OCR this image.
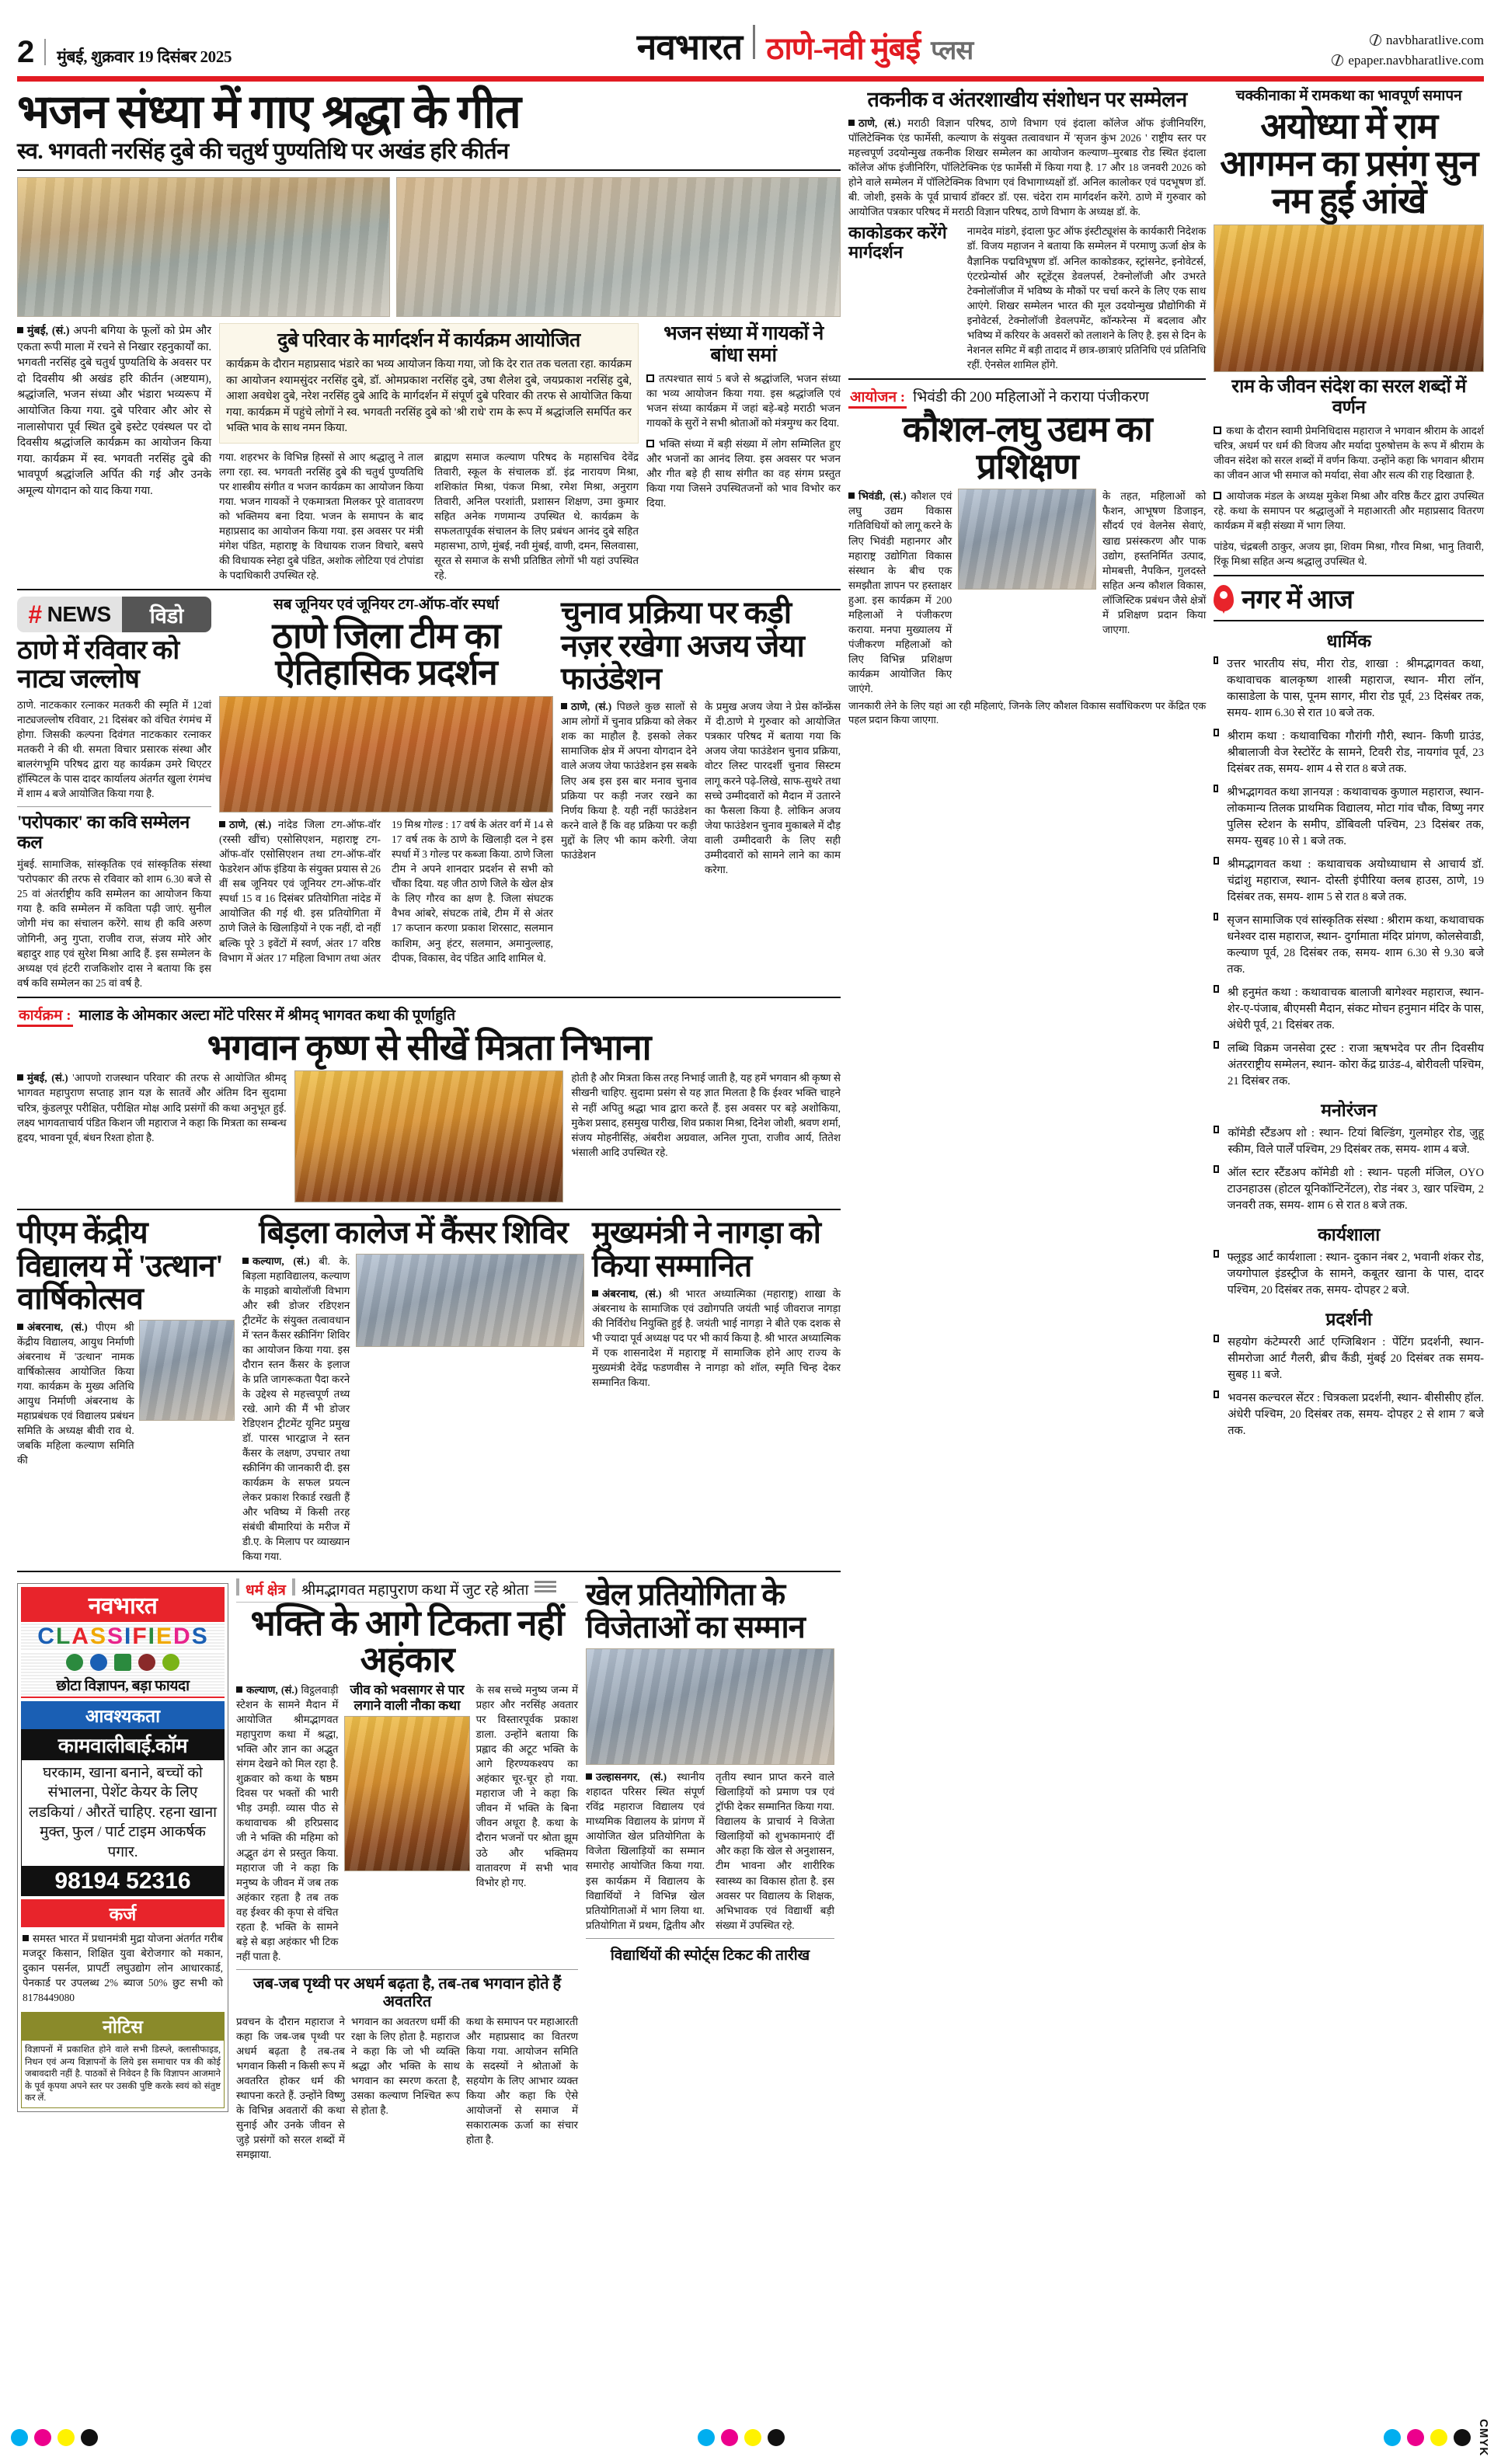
2 मुंबई, शुक्रवार 19 दिसंबर 2025	नवभारत ठाणे-नवी मुंबई प्लस	navbharatlive.com
epaper.navbharatlive.com
भजन संध्या में गाए श्रद्धा के गीत
स्व. भगवती नरसिंह दुबे की चतुर्थ पुण्यतिथि पर अखंड हरि कीर्तन

मुंबई, (सं.) अपनी बगिया के फूलों को प्रेम और एकता रूपी माला में रचने से निखार रहनुकार्यों का. भगवती नरसिंह दुबे चतुर्थ पुण्यतिथि के अवसर पर दो दिवसीय श्री अखंड हरि कीर्तन (अष्टयाम), श्रद्धांजलि, भजन संध्या और भंडारा भव्यरूप में आयोजित किया गया. दुबे परिवार और ओर से नालासोपारा पूर्व स्थित दुबे इस्टेट एवंस्थल पर दो दिवसीय श्रद्धांजलि कार्यक्रम का आयोजन किया गया. कार्यक्रम में स्व. भगवती नरसिंह दुबे की भावपूर्ण श्रद्धांजलि अर्पित की गई और उनके अमूल्य योगदान को याद किया गया.

दुबे परिवार के मार्गदर्शन में कार्यक्रम आयोजित

कार्यक्रम के दौरान महाप्रसाद भंडारे का भव्य आयोजन किया गया, जो कि देर रात तक चलता रहा. कार्यक्रम का आयोजन श्यामसुंदर नरसिंह दुबे, डॉ. ओमप्रकाश नरसिंह दुबे, उषा शैलेश दुबे, जयप्रकाश नरसिंह दुबे, आशा अवधेश दुबे, नरेश नरसिंह दुबे आदि के मार्गदर्शन में संपूर्ण दुबे परिवार की तरफ से आयोजित किया गया. कार्यक्रम में पहुंचे लोगों ने स्व. भगवती नरसिंह दुबे को 'श्री राधे' राम के रूप में श्रद्धांजलि समर्पित कर भक्ति भाव के साथ नमन किया.

गया. शहरभर के विभिन्न हिस्सों से आए श्रद्धालु ने ताल लगा रहा. स्व. भगवती नरसिंह दुबे की चतुर्थ पुण्यतिथि पर शास्त्रीय संगीत व भजन कार्यक्रम का आयोजन किया गया. भजन गायकों ने एकमात्रता मिलकर पूरे वातावरण को भक्तिमय बना दिया. भजन के समापन के बाद महाप्रसाद का आयोजन किया गया. इस अवसर पर मंत्री मंगेश पंडित, महाराष्ट्र के विधायक राजन विचारे, बसपे की विधायक स्नेहा दुबे पंडित, अशोक लोटिया एवं टोपांडा के पदाधिकारी उपस्थित रहे.

ब्राह्मण समाज कल्याण परिषद के महासचिव देवेंद्र तिवारी, स्कूल के संचालक डॉ. इंद्र नारायण मिश्रा, शशिकांत मिश्रा, पंकज मिश्रा, रमेश मिश्रा, अनुराग तिवारी, अनिल परशांती, प्रशासन शिक्षण, उमा कुमार सहित अनेक गणमान्य उपस्थित थे. कार्यक्रम के सफलतापूर्वक संचालन के लिए प्रबंधन आनंद दुबे सहित महासभा, ठाणे, मुंबई, नवी मुंबई, वाणी, दमन, सिलवासा, सूरत से समाज के सभी प्रतिष्ठित लोगों भी यहां उपस्थित रहे.

भजन संध्या में गायकों ने बांधा समां

तत्पश्चात सायं 5 बजे से श्रद्धांजलि, भजन संध्या का भव्य आयोजन किया गया. इस श्रद्धांजलि एवं भजन संध्या कार्यक्रम में जहां बड़े-बड़े मराठी भजन गायकों के सुरों ने सभी श्रोताओं को मंत्रमुग्ध कर दिया.

भक्ति संध्या में बड़ी संख्या में लोग सम्मिलित हुए और भजनों का आनंद लिया. इस अवसर पर भजन और गीत बड़े ही साथ संगीत का वह संगम प्रस्तुत किया गया जिसने उपस्थितजनों को भाव विभोर कर दिया.

# NEWS	विडो
ठाणे में रविवार को नाट्य जल्लोष

ठाणे. नाटककार रत्नाकर मतकरी की स्मृति में 12वां नाट्यजल्लोष रविवार, 21 दिसंबर को वंचित रंगमंच में होगा. जिसकी कल्पना दिवंगत नाटककार रत्नाकर मतकरी ने की थी. समता विचार प्रसारक संस्था और बालरंगभूमि परिषद द्वारा यह कार्यक्रम उमरे थिएटर हॉस्पिटल के पास दादर कार्यालय अंतर्गत खुला रंगमंच में शाम 4 बजे आयोजित किया गया है.

'परोपकार' का कवि सम्मेलन कल

मुंबई. सामाजिक, सांस्कृतिक एवं सांस्कृतिक संस्था 'परोपकार' की तरफ से रविवार को शाम 6.30 बजे से 25 वां अंतर्राष्ट्रीय कवि सम्मेलन का आयोजन किया गया है. कवि सम्मेलन में कविता पढ़ी जाएं. सुनील जोगी मंच का संचालन करेंगे. साथ ही कवि अरुण जोगिनी, अनु गुप्ता, राजीव राज, संजय मोरे ओर बहादुर शाह एवं सुरेश मिश्रा आदि हैं. इस सम्मेलन के अध्यक्ष एवं हंटरी राजकिशोर दास ने बताया कि इस वर्ष कवि सम्मेलन का 25 वां वर्ष है.

सब जूनियर एवं जूनियर टग-ऑफ-वॉर स्पर्धा
ठाणे जिला टीम का ऐतिहासिक प्रदर्शन

ठाणे, (सं.) नांदेड जिला टग-ऑफ-वॉर (रस्सी खींच) एसोसिएशन, महाराष्ट्र टग-ऑफ-वॉर एसोसिएशन तथा टग-ऑफ-वॉर फेडरेशन ऑफ इंडिया के संयुक्त प्रयास से 26 वीं सब जूनियर एवं जूनियर टग-ऑफ-वॉर स्पर्धा 15 व 16 दिसंबर प्रतियोगिता नांदेड में आयोजित की गई थी. इस प्रतियोगिता में ठाणे जिले के खिलाड़ियों ने एक नहीं, दो नहीं बल्कि पूरे 3 इवेंटों में स्वर्ण, अंतर 17 वरिष्ठ विभाग में अंतर 17 महिला विभाग तथा अंतर 19 मिश्र गोल्ड : 17 वर्ष के अंतर वर्ग में 14 से 17 वर्ष तक के ठाणे के खिलाड़ी दल ने इस स्पर्धा में 3 गोल्ड पर कब्जा किया. ठाणे जिला टीम ने अपने शानदार प्रदर्शन से सभी को चौंका दिया. यह जीत ठाणे जिले के खेल क्षेत्र के लिए गौरव का क्षण है. जिला संघटक वैभव आंबरे, संघटक तांबे, टीम में से अंतर 17 कप्तान करणा प्रकाश शिरसाट, सलमान काशिम, अनु हंटर, सलमान, अमानुल्लाह, दीपक, विकास, वेद पंडित आदि शामिल थे.

चुनाव प्रक्रिया पर कड़ी नज़र रखेगा अजय जेया फाउंडेशन

ठाणे, (सं.) पिछले कुछ सालों से आम लोगों में चुनाव प्रक्रिया को लेकर शक का माहौल है. इसको लेकर सामाजिक क्षेत्र में अपना योगदान देने वाले अजय जेया फाउंडेशन इस सबके लिए अब इस इस बार मनाव चुनाव प्रक्रिया पर कड़ी नजर रखने का निर्णय किया है. यही नहीं फाउंडेशन करने वाले हैं कि वह प्रक्रिया पर कड़ी मुद्दों के लिए भी काम करेगी. जेया फाउंडेशन

के प्रमुख अजय जेया ने प्रेस कॉन्फ्रेंस में दी.ठाणे मे गुरुवार को आयोजित पत्रकार परिषद में बताया गया कि अजय जेया फाउंडेशन चुनाव प्रक्रिया, वोटर लिस्ट पारदर्शी चुनाव सिस्टम लागू करने पढ़े-लिखे, साफ-सुथरे तथा सच्चे उम्मीदवारों को मैदान में उतारने का फैसला किया है. लोकिन अजय जेया फाउंडेशन चुनाव मुकाबले में दौड़ वाली उम्मीदवारी के लिए सही उम्मीदवारों को सामने लाने का काम करेगा.

कार्यक्रम : मालाड के ओमकार अल्टा मोंटे परिसर में श्रीमद् भागवत कथा की पूर्णाहुति
भगवान कृष्ण से सीखें मित्रता निभाना

मुंबई, (सं.) 'आपणो राजस्थान परिवार' की तरफ से आयोजित श्रीमद् भागवत महापुराण सप्ताह ज्ञान यज्ञ के सातवें और अंतिम दिन सुदामा चरित्र, कुंडलपूर परीक्षित, परीक्षित मोक्ष आदि प्रसंगों की कथा अनुभूत हुई. लक्ष्य भागवताचार्य पंडित किशन जी महाराज ने कहा कि मित्रता का सम्बन्ध हृदय, भावना पूर्व, बंधन रिश्ता होता है.

होती है और मित्रता किस तरह निभाई जाती है, यह हमें भगवान श्री कृष्ण से सीखनी चाहिए. सुदामा प्रसंग से यह ज्ञात मिलता है कि ईश्वर भक्ति चाहने से नहीं अपितु श्रद्धा भाव द्वारा करते हैं. इस अवसर पर बड़े अशोकिया, मुकेश प्रसाद, हसमुख पारीख, शिव प्रकाश मिश्रा, दिनेश जोशी, श्रवण शर्मा, संजय मोहनीसिंह, अंबरीश अग्रवाल, अनिल गुप्ता, राजीव आर्य, तितेश भंसाली आदि उपस्थित रहे.

पीएम केंद्रीय विद्यालय में 'उत्थान' वार्षिकोत्सव

अंबरनाथ, (सं.) पीएम श्री केंद्रीय विद्यालय, आयुध निर्माणी अंबरनाथ में 'उत्थान' नामक वार्षिकोत्सव आयोजित किया गया. कार्यक्रम के मुख्य अतिथि आयुध निर्माणी अंबरनाथ के महाप्रबंधक एवं विद्यालय प्रबंधन समिति के अध्यक्ष बीवी राव थे. जबकि महिला कल्याण समिति की

बिड़ला कालेज में कैंसर शिविर

कल्याण, (सं.) बी. के. बिड़ला महाविद्यालय, कल्याण के माइक्रो बायोलॉजी विभाग और स्त्री डोजर रडिएशन ट्रीटमेंट के संयुक्त तत्वावधान में 'स्तन कैंसर स्क्रीनिंग' शिविर का आयोजन किया गया. इस दौरान स्तन कैंसर के इलाज के प्रति जागरूकता पैदा करने के उद्देश्य से महत्त्वपूर्ण तथ्य रखे. आगे की मैं भी डोजर रेडिएशन ट्रीटमेंट यूनिट प्रमुख डॉ. पारस भारद्वाज ने स्तन कैंसर के लक्षण, उपचार तथा स्क्रीनिंग की जानकारी दी. इस कार्यक्रम के सफल प्रयत्न लेकर प्रकाश रिकार्ड रखती हैं और भविष्य में किसी तरह संबंधी बीमारियां के मरीज में डी.ए. के मिलाप पर व्याख्यान किया गया.

मुख्यमंत्री ने नागड़ा को किया सम्मानित

अंबरनाथ, (सं.) श्री भारत अध्यात्मिका (महाराष्ट्र) शाखा के अंबरनाथ के सामाजिक एवं उद्योगपति जयंती भाई जीवराज नागड़ा की निर्विरोध नियुक्ति हुई है. जयंती भाई नागड़ा ने बीते एक दशक से भी ज्यादा पूर्व अध्यक्ष पद पर भी कार्य किया है. श्री भारत अध्यात्मिक में एक शासनादेश में महाराष्ट्र में सामाजिक होने आए राज्य के मुख्यमंत्री देवेंद्र फडणवीस ने नागड़ा को शॉल, स्मृति चिन्ह देकर सम्मानित किया.

नवभारत
C L A S S I F I E D S
छोटा विज्ञापन, बड़ा फायदा
आवश्यकता
कामवालीबाई.कॉम
घरकाम, खाना बनाने, बच्चों को संभालना, पेशेंट केयर के लिए लडकियां / औरतें चाहिए. रहना खाना मुक्त, फुल / पार्ट टाइम आकर्षक पगार.
98194 52316
कर्ज

समस्त भारत में प्रधानमंत्री मुद्रा योजना अंतर्गत गरीब मजदूर किसान, शिक्षित युवा बेरोजगार को मकान, दुकान पसर्नल, प्रापर्टी लघुउद्योग लोन आधारकार्ड, पेनकार्ड पर उपलब्ध 2% ब्याज 50% छुट सभी को 8178449080

नोटिस
विज्ञापनों में प्रकाशित होने वाले सभी डिस्प्ले, क्लासीफाइड, निधन एवं अन्य विज्ञापनों के लिये इस समाचार पत्र की कोई जबावदारी नहीं है. पाठकों से निवेदन है कि विज्ञापन आजमाने के पूर्व कृपया अपने स्तर पर उसकी पुष्टि करके स्वयं को संतुष्ट कर लें.
धर्म क्षेत्र श्रीमद्भागवत महापुराण कथा में जुट रहे श्रोता
भक्ति के आगे टिकता नहीं अहंकार

कल्याण, (सं.) विट्ठलवाड़ी स्टेशन के सामने मैदान में आयोजित श्रीमद्भागवत महापुराण कथा में श्रद्धा, भक्ति और ज्ञान का अद्भुत संगम देखने को मिल रहा है. शुक्रवार को कथा के षष्ठम दिवस पर भक्तों की भारी भीड़ उमड़ी. व्यास पीठ से कथावाचक श्री हरिप्रसाद जी ने भक्ति की महिमा को अद्भुत ढंग से प्रस्तुत किया. महाराज जी ने कहा कि मनुष्य के जीवन में जब तक अहंकार रहता है तब तक वह ईश्वर की कृपा से वंचित रहता है. भक्ति के सामने बड़े से बड़ा अहंकार भी टिक नहीं पाता है.

जीव को भवसागर से पार लगाने वाली नौका कथा

के सब सच्चे मनुष्य जन्म में प्रहार और नरसिंह अवतार पर विस्तारपूर्वक प्रकाश डाला. उन्होंने बताया कि प्रह्लाद की अटूट भक्ति के आगे हिरण्यकश्यप का अहंकार चूर-चूर हो गया. महाराज जी ने कहा कि जीवन में भक्ति के बिना जीवन अधूरा है. कथा के दौरान भजनों पर श्रोता झूम उठे और भक्तिमय वातावरण में सभी भाव विभोर हो गए.

जब-जब पृथ्वी पर अधर्म बढ़ता है, तब-तब भगवान होते हैं अवतरित

प्रवचन के दौरान महाराज ने कहा कि जब-जब पृथ्वी पर अधर्म बढ़ता है तब-तब भगवान किसी न किसी रूप में अवतरित होकर धर्म की स्थापना करते हैं. उन्होंने विष्णु के विभिन्न अवतारों की कथा सुनाई और उनके जीवन से जुड़े प्रसंगों को सरल शब्दों में समझाया.

भगवान का अवतरण धर्मी की रक्षा के लिए होता है. महाराज ने कहा कि जो भी व्यक्ति श्रद्धा और भक्ति के साथ भगवान का स्मरण करता है, उसका कल्याण निश्चित रूप से होता है.

कथा के समापन पर महाआरती और महाप्रसाद का वितरण किया गया. आयोजन समिति के सदस्यों ने श्रोताओं के सहयोग के लिए आभार व्यक्त किया और कहा कि ऐसे आयोजनों से समाज में सकारात्मक ऊर्जा का संचार होता है.

खेल प्रतियोगिता के विजेताओं का सम्मान

उल्हासनगर, (सं.) स्थानीय शहादत परिसर स्थित संपूर्ण रविंद्र महाराज विद्यालय एवं माध्यमिक विद्यालय के प्रांगण में आयोजित खेल प्रतियोगिता के विजेता खिलाड़ियों का सम्मान समारोह आयोजित किया गया. इस कार्यक्रम में विद्यालय के विद्यार्थियों ने विभिन्न खेल प्रतियोगिताओं में भाग लिया था. प्रतियोगिता में प्रथम, द्वितीय और तृतीय स्थान प्राप्त करने वाले खिलाड़ियों को प्रमाण पत्र एवं ट्रॉफी देकर सम्मानित किया गया. विद्यालय के प्राचार्य ने विजेता खिलाड़ियों को शुभकामनाएं दीं और कहा कि खेल से अनुशासन, टीम भावना और शारीरिक स्वास्थ्य का विकास होता है. इस अवसर पर विद्यालय के शिक्षक, अभिभावक एवं विद्यार्थी बड़ी संख्या में उपस्थित रहे.

विद्यार्थियों की स्पोर्ट्स टिकट की तारीख
तकनीक व अंतरशाखीय संशोधन पर सम्मेलन

ठाणे, (सं.) मराठी विज्ञान परिषद, ठाणे विभाग एवं इंदाला कॉलेज ऑफ इंजीनियरिंग, पॉलिटेक्निक एंड फार्मेसी, कल्याण के संयुक्त तत्वावधान में 'सृजन कुंभ 2026 ' राष्ट्रीय स्तर पर महत्त्वपूर्ण उदयोन्मुख तकनीक शिखर सम्मेलन का आयोजन कल्याण–मुरबाड रोड स्थित इंदाला कॉलेज ऑफ इंजीनिरिंग, पॉलिटेक्निक एंड फार्मेसी में किया गया है. 17 और 18 जनवरी 2026 को होने वाले सम्मेलन में पॉलिटेक्निक विभाग एवं विभागाध्यक्षों डॉ. अनिल कालोकर एवं पदभूषण डॉ. बी. जोशी, इसके के पूर्व प्राचार्य डॉक्टर डॉ. एस. चंदेरा राम मार्गदर्शन करेंगे. ठाणे में गुरुवार को आयोजित पत्रकार परिषद में मराठी विज्ञान परिषद, ठाणे विभाग के अध्यक्ष डॉ. के.

काकोडकर करेंगे मार्गदर्शन

नामदेव मांडगे, इंदाला फुट ऑफ इंस्टीट्यूशंस के कार्यकारी निदेशक डॉ. विजय महाजन ने बताया कि सम्मेलन में परमाणु ऊर्जा क्षेत्र के वैज्ञानिक पद्मविभूषण डॉ. अनिल काकोडकर, स्ट्रांसनेट, इनोवेटर्स, एंटरप्रेन्योर्स और स्टूडेंट्स डेवलपर्स, टेक्नोलॉजी और उभरते टेक्नोलॉजीज में भविष्य के मौकों पर चर्चा करने के लिए एक साथ आएंगे. शिखर सम्मेलन भारत की मूल उदयोन्मुख प्रौद्योगिकी में इनोवेटर्स, टेक्नोलॉजी डेवलपमेंट, कॉन्फरेन्स में बदलाव और भविष्य में करियर के अवसरों को तलाशने के लिए है. इस से दिन के नेशनल समिट में बड़ी तादाद में छात्र-छात्राएं प्रतिनिधि एवं प्रतिनिधि रहीं. ऐनसेल शामिल होंगे.

आयोजन : भिवंडी की 200 महिलाओं ने कराया पंजीकरण
कौशल-लघु उद्यम का प्रशिक्षण

भिवंडी, (सं.) कौशल एवं लघु उद्यम विकास गतिविधियों को लागू करने के लिए भिवंडी महानगर और महाराष्ट्र उद्योगिता विकास संस्थान के बीच एक समझौता ज्ञापन पर हस्ताक्षर हुआ. इस कार्यक्रम में 200 महिलाओं ने पंजीकरण कराया. मनपा मुख्यालय में पंजीकरण महिलाओं को लिए विभिन्न प्रशिक्षण कार्यक्रम आयोजित किए जाएंगे.

के तहत, महिलाओं को फैशन, आभूषण डिजाइन, सौंदर्य एवं वेलनेस सेवाएं, खाद्य प्रसंस्करण और पाक उद्योग, हस्तनिर्मित उत्पाद, मोमबत्ती, नैपकिन, गुलदस्ते सहित अन्य कौशल विकास, लॉजिस्टिक प्रबंधन जैसे क्षेत्रों में प्रशिक्षण प्रदान किया जाएगा.

जानकारी लेने के लिए यहां आ रही महिलाएं, जिनके लिए कौशल विकास सर्वांधिकरण पर केंद्रित एक पहल प्रदान किया जाएगा.

चक्कीनाका में रामकथा का भावपूर्ण समापन
अयोध्या में राम आगमन का प्रसंग सुन नम हुईं आंखें
राम के जीवन संदेश का सरल शब्दों में वर्णन

कथा के दौरान स्वामी प्रेमनिधिदास महाराज ने भगवान श्रीराम के आदर्श चरित्र, अधर्म पर धर्म की विजय और मर्यादा पुरुषोत्तम के रूप में श्रीराम के जीवन संदेश को सरल शब्दों में वर्णन किया. उन्होंने कहा कि भगवान श्रीराम का जीवन आज भी समाज को मर्यादा, सेवा और सत्य की राह दिखाता है.

आयोजक मंडल के अध्यक्ष मुकेश मिश्रा और वरिष्ठ कैंटर द्वारा उपस्थित रहे. कथा के समापन पर श्रद्धालुओं ने महाआरती और महाप्रसाद वितरण कार्यक्रम में बड़ी संख्या में भाग लिया.

पांडेय, चंद्रबली ठाकुर, अजय झा, शिवम मिश्रा, गौरव मिश्रा, भानु तिवारी, रिंकू मिश्रा सहित अन्य श्रद्धालु उपस्थित थे.

नगर में आज
धार्मिक
उत्तर भारतीय संघ, मीरा रोड, शाखा : श्रीमद्भागवत कथा, कथावाचक बालकृष्ण शास्त्री महाराज, स्थान- मीरा लॉन, कासाडेला के पास, पूनम सागर, मीरा रोड पूर्व, 23 दिसंबर तक, समय- शाम 6.30 से रात 10 बजे तक.
श्रीराम कथा : कथावाचिका गौरांगी गौरी, स्थान- किणी ग्राउंड, श्रीबालाजी वेज रेस्टोरेंट के सामने, टिवरी रोड, नायगांव पूर्व, 23 दिसंबर तक, समय- शाम 4 से रात 8 बजे तक.
श्रीभद्भागवत कथा ज्ञानयज्ञ : कथावाचक कुणाल महाराज, स्थान- लोकमान्य तिलक प्राथमिक विद्यालय, मोटा गांव चौक, विष्णु नगर पुलिस स्टेशन के समीप, डोंबिवली पश्चिम, 23 दिसंबर तक, समय- सुबह 10 से 1 बजे तक.
श्रीमद्भागवत कथा : कथावाचक अयोध्याधाम से आचार्य डॉ. चंद्रांशु महाराज, स्थान- दोस्ती इंपीरिया क्लब हाउस, ठाणे, 19 दिसंबर तक, समय- शाम 5 से रात 8 बजे तक.
सृजन सामाजिक एवं सांस्कृतिक संस्था : श्रीराम कथा, कथावाचक धनेश्वर दास महाराज, स्थान- दुर्गामाता मंदिर प्रांगण, कोलसेवाडी, कल्याण पूर्व, 28 दिसंबर तक, समय- शाम 6.30 से 9.30 बजे तक.
श्री हनुमंत कथा : कथावाचक बालाजी बागेश्वर महाराज, स्थान- शेर-ए-पंजाब, बीएमसी मैदान, संकट मोचन हनुमान मंदिर के पास, अंधेरी पूर्व, 21 दिसंबर तक.
लब्धि विक्रम जनसेवा ट्रस्ट : राजा ऋषभदेव पर तीन दिवसीय अंतरराष्ट्रीय सम्मेलन, स्थान- कोरा केंद्र ग्राउंड-4, बोरीवली पश्चिम, 21 दिसंबर तक.
मनोरंजन
कॉमेडी स्टैंडअप शो : स्थान- टियां बिल्डिंग, गुलमोहर रोड, जुहू स्कीम, विले पार्लें पश्चिम, 29 दिसंबर तक, समय- शाम 4 बजे.
ऑल स्टार स्टैंडअप कॉमेडी शो : स्थान- पहली मंजिल, OYO टाउनहाउस (होटल यूनिकॉन्टिनेंटल), रोड नंबर 3, खार पश्चिम, 2 जनवरी तक, समय- शाम 6 से रात 8 बजे तक.
कार्यशाला
फ्लूइड आर्ट कार्यशाला : स्थान- दुकान नंबर 2, भवानी शंकर रोड, जयगोपाल इंडस्ट्रीज के सामने, कबूतर खाना के पास, दादर पश्चिम, 20 दिसंबर तक, समय- दोपहर 2 बजे.
प्रदर्शनी
सहयोग कंटेम्पररी आर्ट एग्जिबिशन : पेंटिंग प्रदर्शनी, स्थान- सीमरोजा आर्ट गैलरी, ब्रीच कैंडी, मुंबई 20 दिसंबर तक समय- सुबह 11 बजे.
भवनस कल्चरल सेंटर : चित्रकला प्रदर्शनी, स्थान- बीसीसीए हॉल. अंधेरी पश्चिम, 20 दिसंबर तक, समय- दोपहर 2 से शाम 7 बजे तक.
CMYK
